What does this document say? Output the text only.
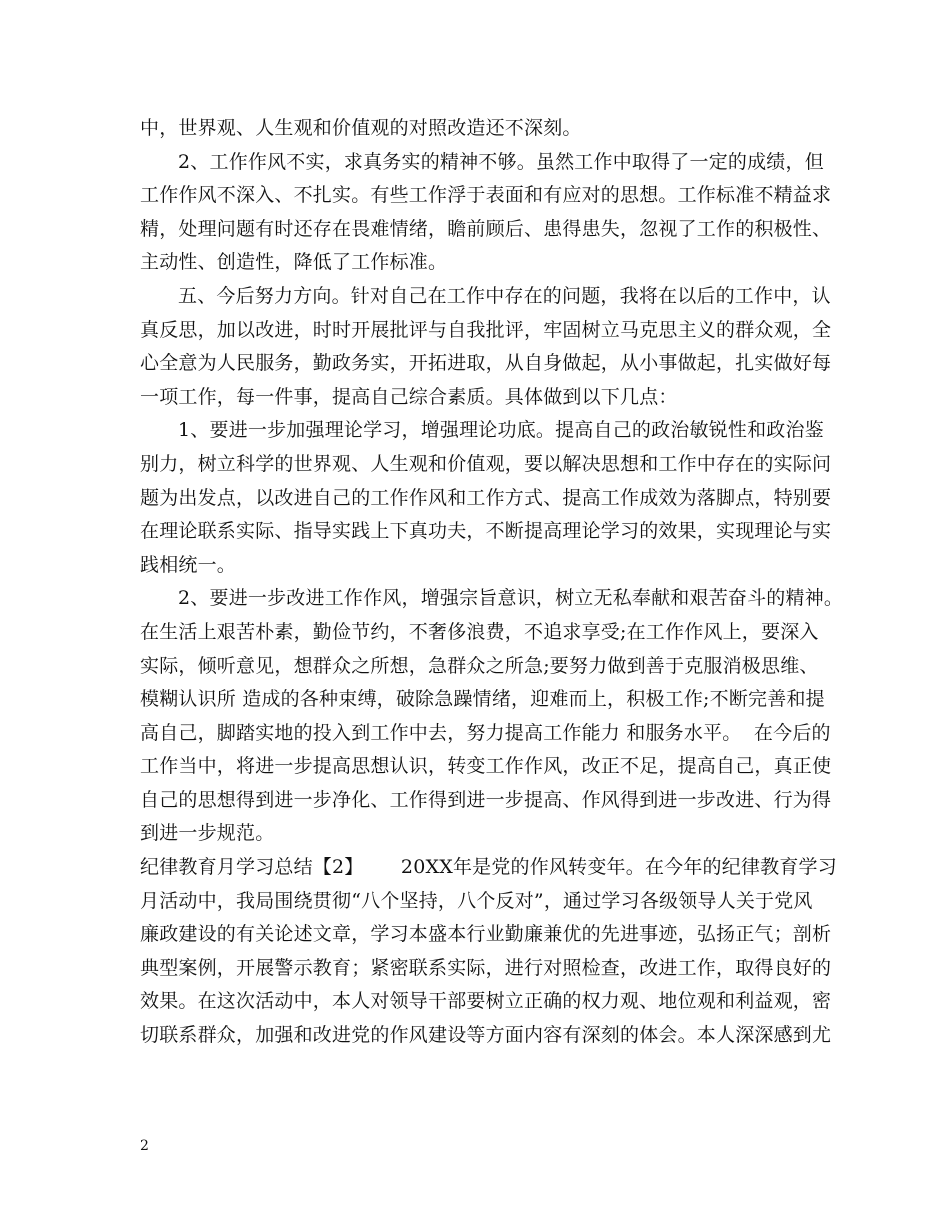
中，世界观、人生观和价值观的对照改造还不深刻。
2、工作作风不实，求真务实的精神不够。虽然工作中取得了一定的成绩，但
工作作风不深入、不扎实。有些工作浮于表面和有应对的思想。工作标准不精益求
精，处理问题有时还存在畏难情绪，瞻前顾后、患得患失，忽视了工作的积极性、
主动性、创造性，降低了工作标准。
五、今后努力方向。针对自己在工作中存在的问题，我将在以后的工作中，认
真反思，加以改进，时时开展批评与自我批评，牢固树立马克思主义的群众观，全
心全意为人民服务，勤政务实，开拓进取，从自身做起，从小事做起，扎实做好每
一项工作，每一件事，提高自己综合素质。具体做到以下几点：
1、要进一步加强理论学习，增强理论功底。提高自己的政治敏锐性和政治鉴
别力，树立科学的世界观、人生观和价值观，要以解决思想和工作中存在的实际问
题为出发点，以改进自己的工作作风和工作方式、提高工作成效为落脚点，特别要
在理论联系实际、指导实践上下真功夫，不断提高理论学习的效果，实现理论与实
践相统一。
2、要进一步改进工作作风，增强宗旨意识，树立无私奉献和艰苦奋斗的精神。
在生活上艰苦朴素，勤俭节约，不奢侈浪费，不追求享受;在工作作风上，要深入
实际，倾听意见，想群众之所想，急群众之所急;要努力做到善于克服消极思维、
模糊认识所 造成的各种束缚，破除急躁情绪，迎难而上，积极工作;不断完善和提
高自己，脚踏实地的投入到工作中去，努力提高工作能力 和服务水平。  在今后的
工作当中，将进一步提高思想认识，转变工作作风，改正不足，提高自己，真正使
自己的思想得到进一步净化、工作得到进一步提高、作风得到进一步改进、行为得
到进一步规范。
纪律教育月学习总结【2】      20XX年是党的作风转变年。在今年的纪律教育学习
月活动中，我局围绕贯彻“八个坚持，八个反对”，通过学习各级领导人关于党风
廉政建设的有关论述文章，学习本盛本行业勤廉兼优的先进事迹，弘扬正气；剖析
典型案例，开展警示教育；紧密联系实际，进行对照检查，改进工作，取得良好的
效果。在这次活动中，本人对领导干部要树立正确的权力观、地位观和利益观，密
切联系群众，加强和改进党的作风建设等方面内容有深刻的体会。本人深深感到尤
2
